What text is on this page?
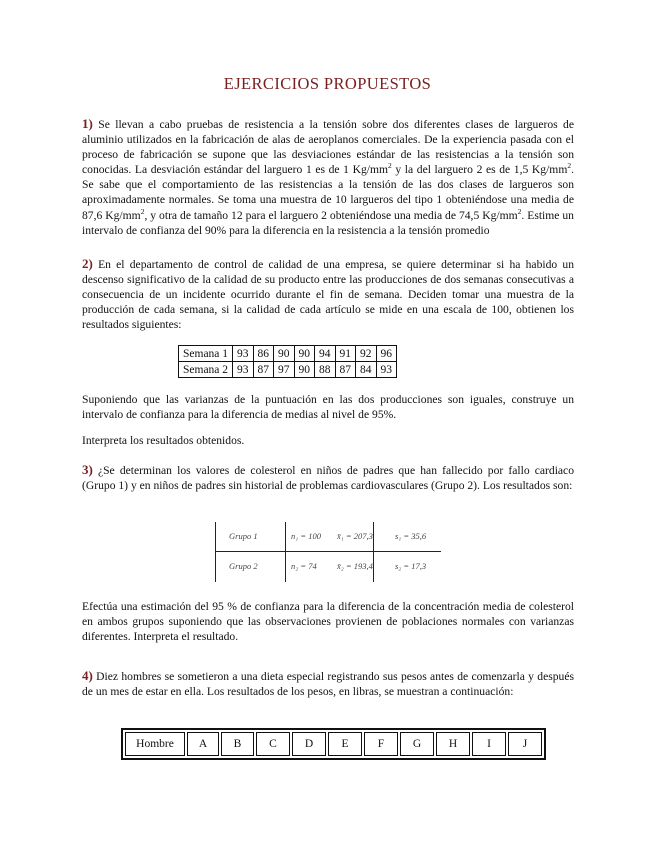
EJERCICIOS PROPUESTOS
1) Se llevan a cabo pruebas de resistencia a la tensión sobre dos diferentes clases de largueros de aluminio utilizados en la fabricación de alas de aeroplanos comerciales. De la experiencia pasada con el proceso de fabricación se supone que las desviaciones estándar de las resistencias a la tensión son conocidas. La desviación estándar del larguero 1 es de 1 $Kg/mm^2$ y la del larguero 2 es de 1,5 $Kg/mm^2$. Se sabe que el comportamiento de las resistencias a la tensión de las dos clases de largueros son aproximadamente normales. Se toma una muestra de 10 largueros del tipo 1 obteniéndose una media de 87,6 $Kg/mm^2$, y otra de tamaño 12 para el larguero 2 obteniéndose una media de 74,5 $Kg/mm^2$. Estime un intervalo de confianza del 90% para la diferencia en la resistencia a la tensión promedio
2) En el departamento de control de calidad de una empresa, se quiere determinar si ha habido un descenso significativo de la calidad de su producto entre las producciones de dos semanas consecutivas a consecuencia de un incidente ocurrido durante el fin de semana. Deciden tomar una muestra de la producción de cada semana, si la calidad de cada artículo se mide en una escala de 100, obtienen los resultados siguientes:
Semana 1	93	86	90	90	94	91	92	96
Semana 2	93	87	97	90	88	87	84	93
Suponiendo que las varianzas de la puntuación en las dos producciones son iguales, construye un intervalo de confianza para la diferencia de medias al nivel de 95%.
Interpreta los resultados obtenidos.
3) ¿Se determinan los valores de colesterol en niños de padres que han fallecido por fallo cardiaco (Grupo 1) y en niños de padres sin historial de problemas cardiovasculares (Grupo 2). Los resultados son:
Grupo 1	n₁ = 100 x̄₁ = 207,3	s₁ = 35,6
Grupo 2	n₂ = 74 x̄₂ = 193,4	s₂ = 17,3
Efectúa una estimación del 95 % de confianza para la diferencia de la concentración media de colesterol en ambos grupos suponiendo que las observaciones provienen de poblaciones normales con varianzas diferentes. Interpreta el resultado.
4) Diez hombres se sometieron a una dieta especial registrando sus pesos antes de comenzarla y después de un mes de estar en ella. Los resultados de los pesos, en libras, se muestran a continuación:
Hombre	A	B	C	D	E	F	G	H	I	J
